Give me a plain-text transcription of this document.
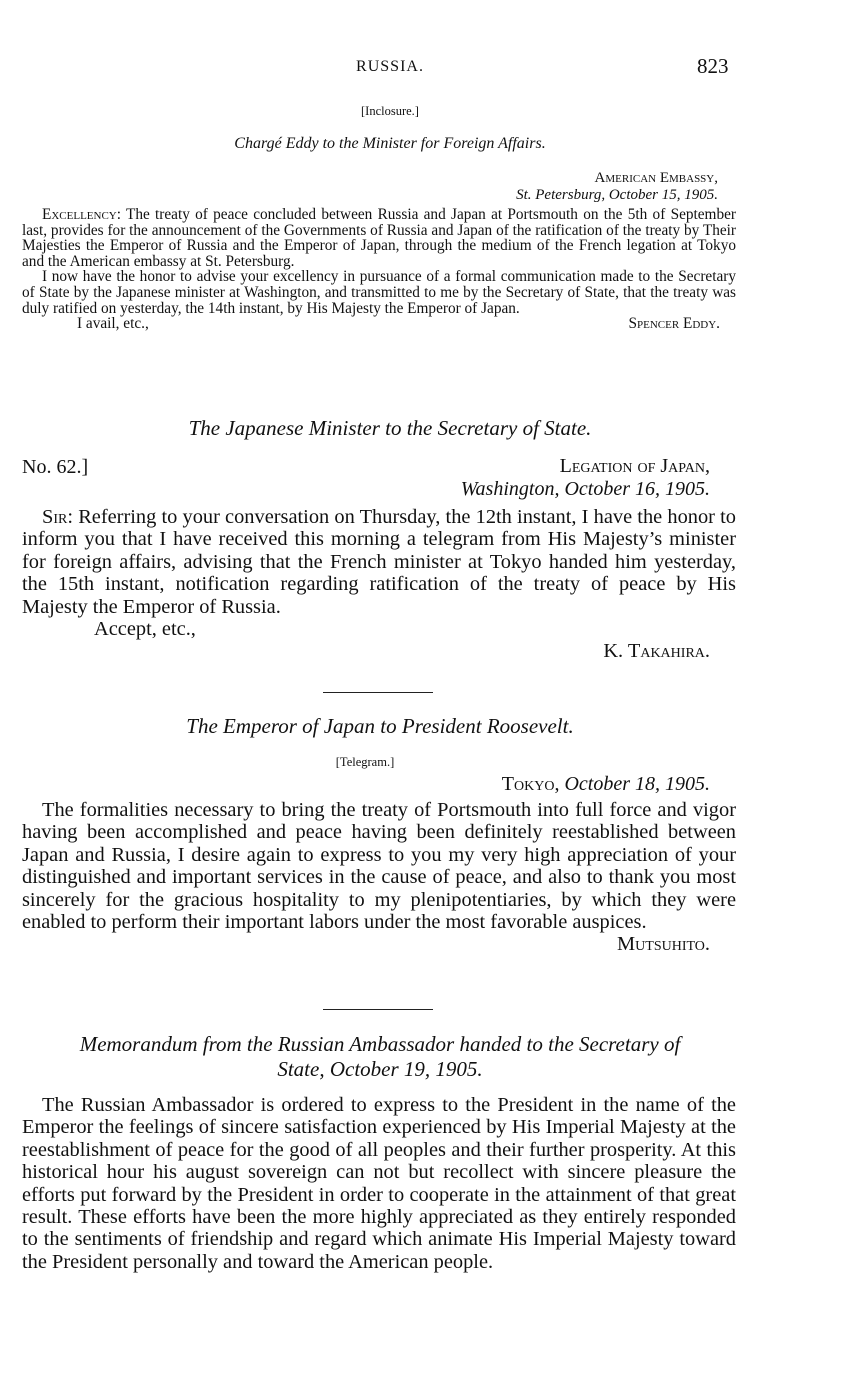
RUSSIA.	823
[Inclosure.]
Chargé Eddy to the Minister for Foreign Affairs.
American Embassy,
St. Petersburg, October 15, 1905.

Excellency: The treaty of peace concluded between Russia and Japan at Portsmouth on the 5th of September last, provides for the announcement of the Governments of Russia and Japan of the ratification of the treaty by Their Majesties the Emperor of Russia and the Emperor of Japan, through the medium of the French legation at Tokyo and the American embassy at St. Petersburg.

I now have the honor to advise your excellency in pursuance of a formal communication made to the Secretary of State by the Japanese minister at Washington, and transmitted to me by the Secretary of State, that the treaty was duly ratified on yesterday, the 14th instant, by His Majesty the Emperor of Japan.

I avail, etc.,	Spencer Eddy.
The Japanese Minister to the Secretary of State.
No. 62.]	Legation of Japan,
Washington, October 16, 1905.

Sir: Referring to your conversation on Thursday, the 12th instant, I have the honor to inform you that I have received this morning a telegram from His Majesty’s minister for foreign affairs, advising that the French minister at Tokyo handed him yesterday, the 15th instant, notification regarding ratification of the treaty of peace by His Majesty the Emperor of Russia.

Accept, etc.,

K. Takahira.

The Emperor of Japan to President Roosevelt.
[Telegram.]
Tokyo, October 18, 1905.

The formalities necessary to bring the treaty of Portsmouth into full force and vigor having been accomplished and peace having been definitely reestablished between Japan and Russia, I desire again to express to you my very high appreciation of your distinguished and important services in the cause of peace, and also to thank you most sincerely for the gracious hospitality to my plenipotentiaries, by which they were enabled to perform their important labors under the most favorable auspices.

Mutsuhito.

Memorandum from the Russian Ambassador handed to the Secretary of
State, October 19, 1905.

The Russian Ambassador is ordered to express to the President in the name of the Emperor the feelings of sincere satisfaction experienced by His Imperial Majesty at the reestablishment of peace for the good of all peoples and their further prosperity. At this historical hour his august sovereign can not but recollect with sincere pleasure the efforts put forward by the President in order to cooperate in the attainment of that great result. These efforts have been the more highly appreciated as they entirely responded to the sentiments of friendship and regard which animate His Imperial Majesty toward the President personally and toward the American people.
